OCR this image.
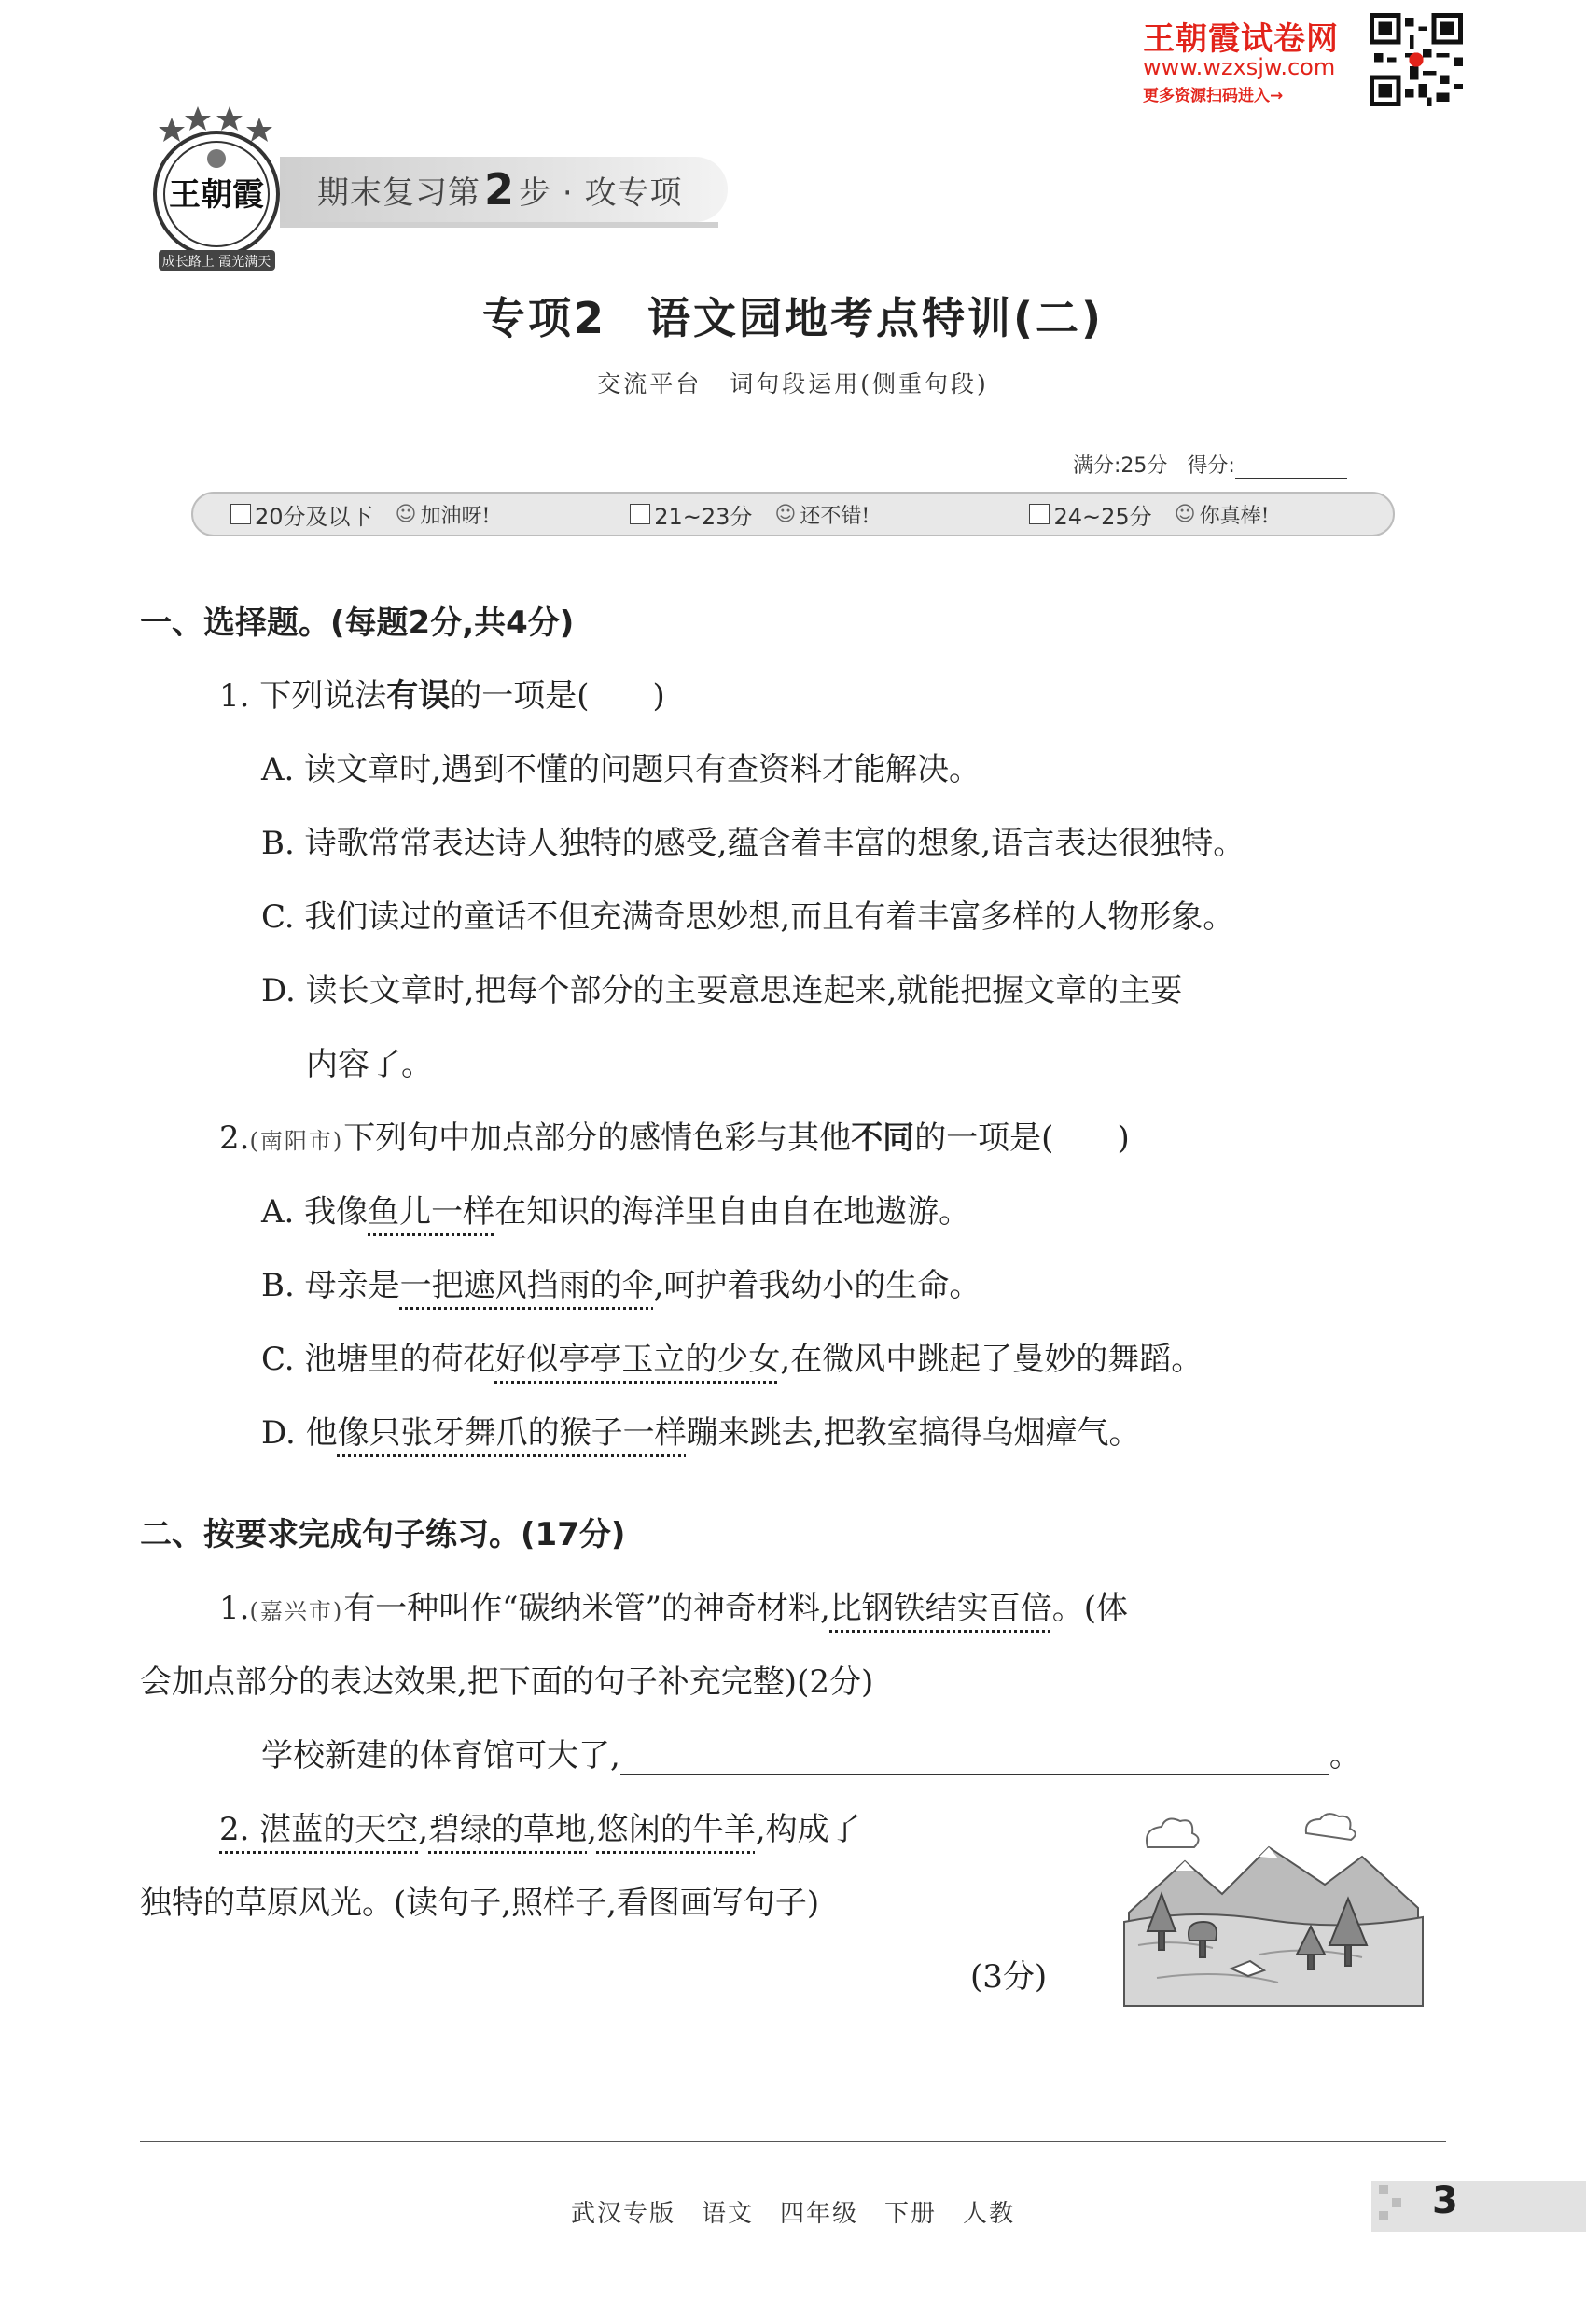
王朝霞
成长路上 霞光满天
期末复习第 2 步 · 攻专项
王朝霞试卷网
www.wzxsjw.com
更多资源扫码进入→
专项2 语文园地考点特训(二)
交流平台 词句段运用(侧重句段)
满分:25分 得分:
20分及以下 ☺ 加油呀!	21~23分 ☺ 还不错!	24~25分 ☺ 你真棒!
一、选择题。(每题2分,共4分)
1. 下列说法有误的一项是(　　)
A. 读文章时,遇到不懂的问题只有查资料才能解决。
B. 诗歌常常表达诗人独特的感受,蕴含着丰富的想象,语言表达很独特。
C. 我们读过的童话不但充满奇思妙想,而且有着丰富多样的人物形象。
D. 读长文章时,把每个部分的主要意思连起来,就能把握文章的主要
内容了。
2.(南阳市)下列句中加点部分的感情色彩与其他不同的一项是(　　)
A. 我像鱼儿一样在知识的海洋里自由自在地遨游。
B. 母亲是一把遮风挡雨的伞,呵护着我幼小的生命。
C. 池塘里的荷花好似亭亭玉立的少女,在微风中跳起了曼妙的舞蹈。
D. 他像只张牙舞爪的猴子一样蹦来跳去,把教室搞得乌烟瘴气。
二、按要求完成句子练习。(17分)
1.(嘉兴市)有一种叫作“碳纳米管”的神奇材料,比钢铁结实百倍。(体
会加点部分的表达效果,把下面的句子补充完整)(2分)
学校新建的体育馆可大了,	。
2. 湛蓝的天空,碧绿的草地,悠闲的牛羊,构成了
独特的草原风光。(读句子,照样子,看图画写句子)
(3分)
武汉专版 语文 四年级 下册 人教	3
